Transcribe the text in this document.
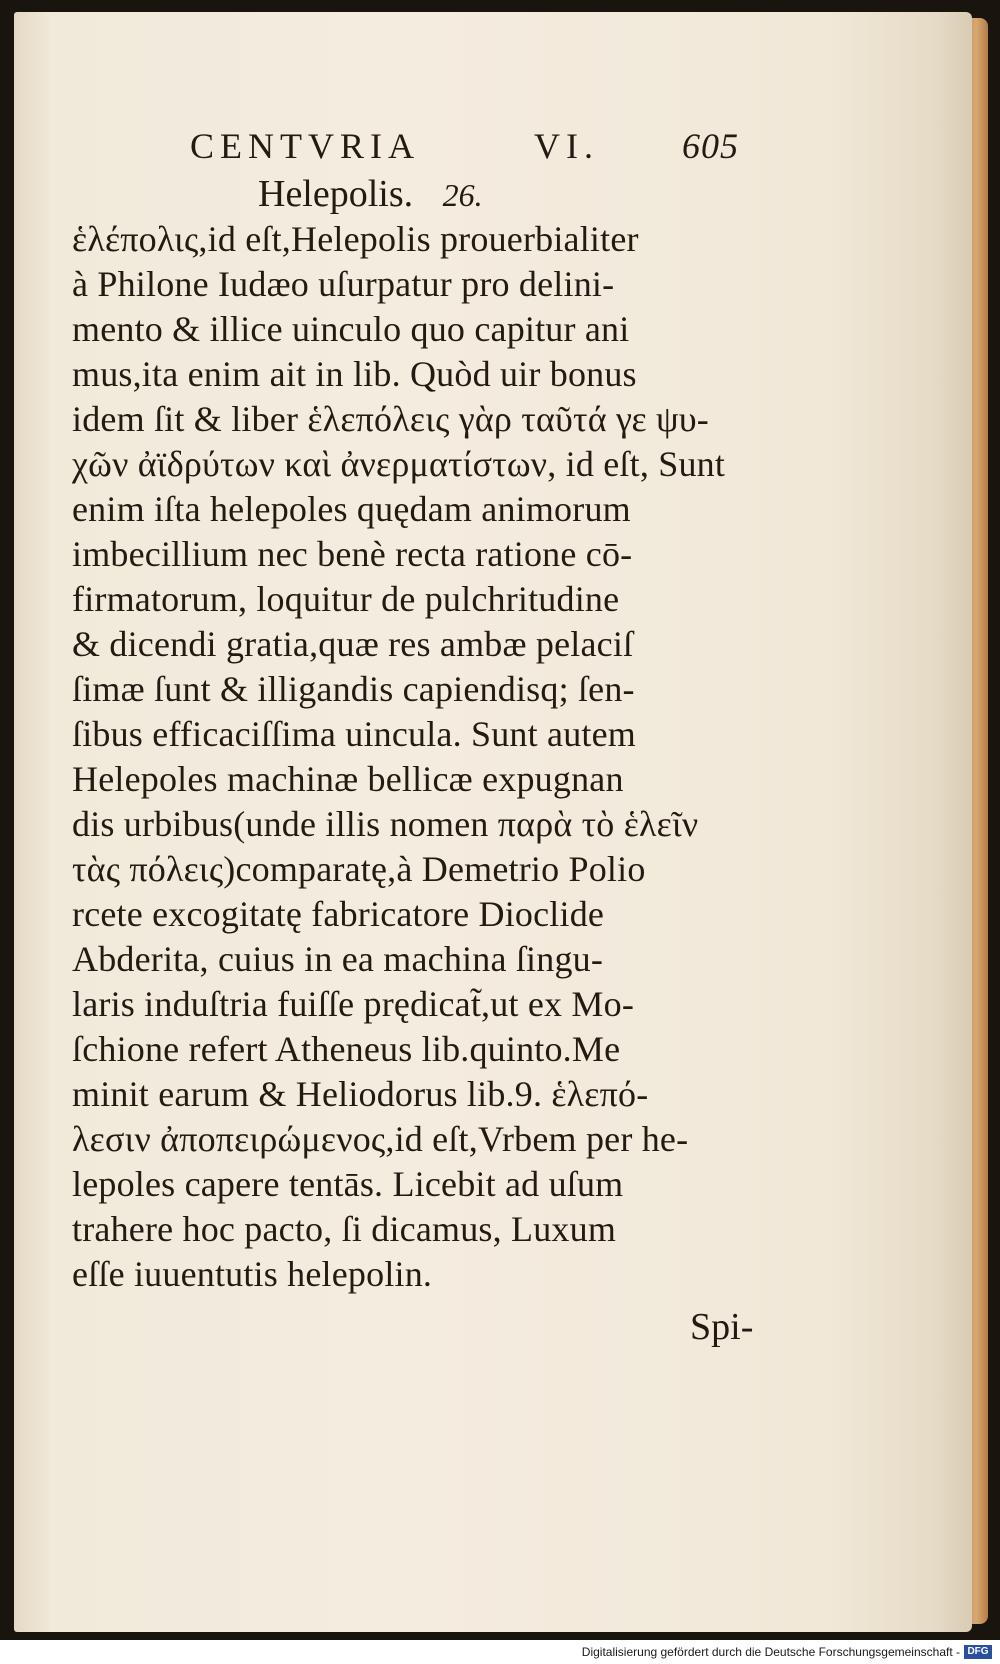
CENTVRIA	VI. 605
Helepolis. 26.
ἑλέπολις,id eſt,Helepolis prouerbialiter
à Philone Iudæo uſurpatur pro delini-
mento & illice uinculo quo capitur ani
mus,ita enim ait in lib. Quòd uir bonus
idem ſit & liber ἑλεπόλεις γὰρ ταῦτά γε ψυ-
χῶν ἀϊδρύτων καὶ ἀνερματίστων, id eſt, Sunt
enim iſta helepoles quędam animorum
imbecillium nec benè recta ratione cō-
firmatorum, loquitur de pulchritudine
& dicendi gratia,quæ res ambæ pelaciſ
ſimæ ſunt & illigandis capiendisq; ſen-
ſibus efficaciſſima uincula. Sunt autem
Helepoles machinæ bellicæ expugnan
dis urbibus(unde illis nomen παρὰ τὸ ἑλεῖν
τὰς πόλεις)comparatę,à Demetrio Polio
rcete excogitatę fabricatore Dioclide
Abderita, cuius in ea machina ſingu-
laris induſtria fuiſſe prędicat̃,ut ex Mo-
ſchione refert Atheneus lib.quinto.Me
minit earum & Heliodorus lib.9. ἑλεπό-
λεσιν ἀποπειρώμενος,id eſt,Vrbem per he-
lepoles capere tentās. Licebit ad uſum
trahere hoc pacto, ſi dicamus, Luxum
eſſe iuuentutis helepolin.
Spi-
Digitalisierung gefördert durch die Deutsche Forschungsgemeinschaft - DFG
